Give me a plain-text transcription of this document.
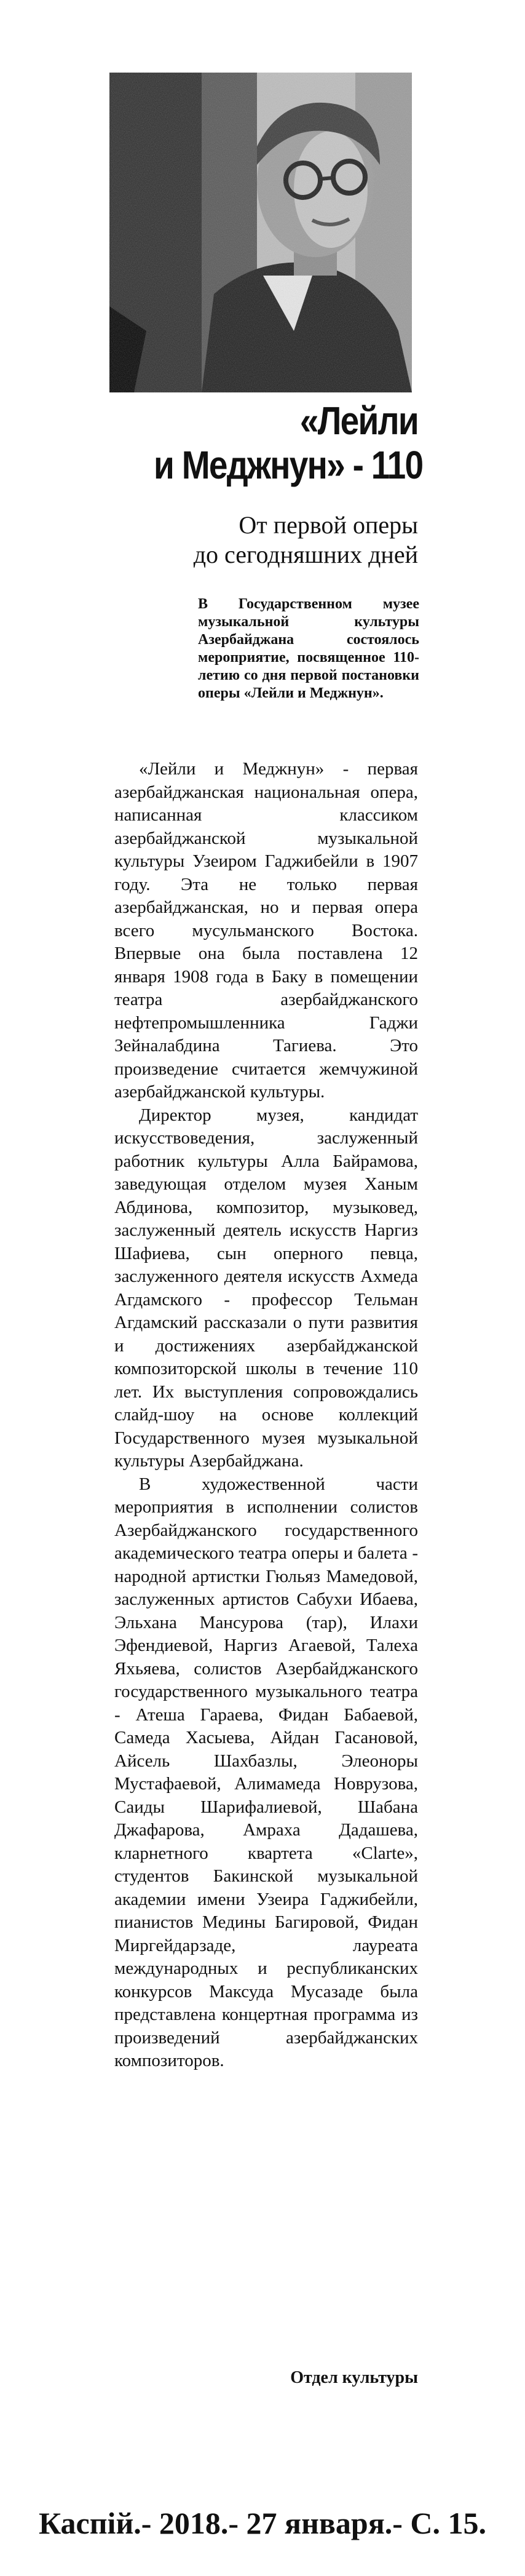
«Лейли
и Меджнун» - 110
От первой оперы
до сегодняшних дней
В Государственном музее музыкальной культуры Азербайджана состоялось мероприятие, посвященное 110-летию со дня первой постановки оперы «Лейли и Меджнун».

«Лейли и Меджнун» - первая азербайджанская национальная опера, написанная классиком азербайджанской музыкальной культуры Узеиром Гаджибейли в 1907 году. Эта не только первая азербайджанская, но и первая опера всего мусульманского Востока. Впервые она была поставлена 12 января 1908 года в Баку в помещении театра азербайджанского нефтепромышленника Гаджи Зейналабдина Тагиева. Это произведение считается жемчужиной азербайджанской культуры.

Директор музея, кандидат искусствоведения, заслуженный работник культуры Алла Байрамова, заведующая отделом музея Ханым Абдинова, композитор, музыковед, заслуженный деятель искусств Наргиз Шафиева, сын оперного певца, заслуженного деятеля искусств Ахмеда Агдамского - профессор Тельман Агдамский рассказали о пути развития и достижениях азербайджанской композиторской школы в течение 110 лет. Их выступления сопровождались слайд-шоу на основе коллекций Государственного музея музыкальной культуры Азербайджана.

В художественной части мероприятия в исполнении солистов Азербайджанского государственного академического театра оперы и балета - народной артистки Гюльяз Мамедовой, заслуженных артистов Сабухи Ибаева, Эльхана Мансурова (тар), Илахи Эфендиевой, Наргиз Агаевой, Талеха Яхьяева, солистов Азербайджанского государственного музыкального театра - Атеша Гараева, Фидан Бабаевой, Самеда Хасыева, Айдан Гасановой, Айсель Шахбазлы, Элеоноры Мустафаевой, Алимамеда Новрузова, Саиды Шарифалиевой, Шабана Джафарова, Амраха Дадашева, кларнетного квартета «Clarte», студентов Бакинской музыкальной академии имени Узеира Гаджибейли, пианистов Медины Багировой, Фидан Миргейдарзаде, лауреата международных и республиканских конкурсов Максуда Мусазаде была представлена концертная программа из произведений азербайджанских композиторов.

Отдел культуры
Каспiй.- 2018.- 27 января.- С. 15.
